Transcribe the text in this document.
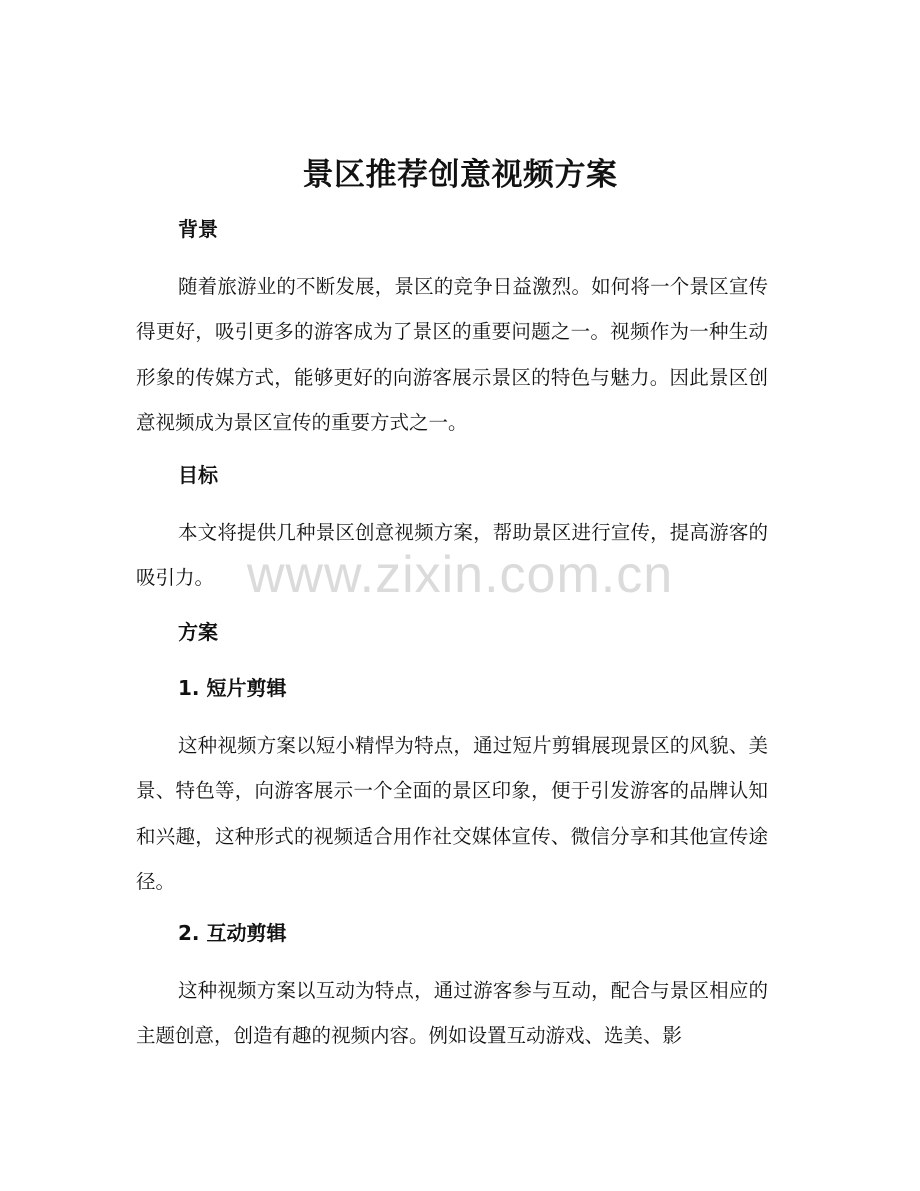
景区推荐创意视频方案
背景

随着旅游业的不断发展，景区的竞争日益激烈。如何将一个景区宣传得更好，吸引更多的游客成为了景区的重要问题之一。视频作为一种生动形象的传媒方式，能够更好的向游客展示景区的特色与魅力。因此景区创意视频成为景区宣传的重要方式之一。

目标

本文将提供几种景区创意视频方案，帮助景区进行宣传，提高游客的吸引力。

方案
1. 短片剪辑

这种视频方案以短小精悍为特点，通过短片剪辑展现景区的风貌、美景、特色等，向游客展示一个全面的景区印象，便于引发游客的品牌认知和兴趣，这种形式的视频适合用作社交媒体宣传、微信分享和其他宣传途径。

2. 互动剪辑

这种视频方案以互动为特点，通过游客参与互动，配合与景区相应的主题创意，创造有趣的视频内容。例如设置互动游戏、选美、影

www.zixin.com.cn
